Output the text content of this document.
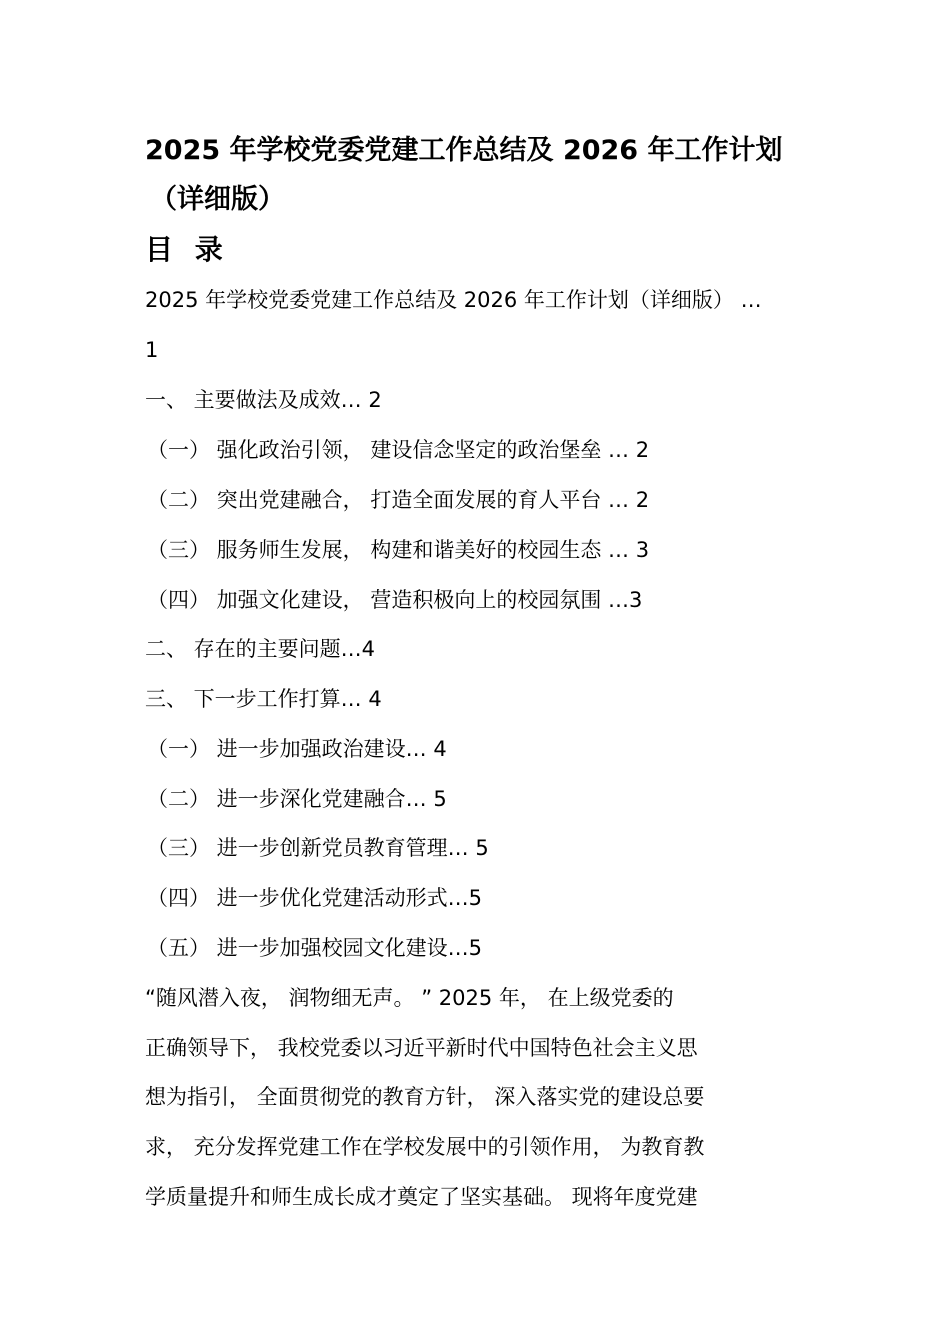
2025 年学校党委党建工作总结及 2026 年工作计划
（详细版）
目 录
2025 年学校党委党建工作总结及 2026 年工作计划（详细版） …
1
一、 主要做法及成效… 2
（一） 强化政治引领， 建设信念坚定的政治堡垒 … 2
（二） 突出党建融合， 打造全面发展的育人平台 … 2
（三） 服务师生发展， 构建和谐美好的校园生态 … 3
（四） 加强文化建设， 营造积极向上的校园氛围 …3
二、 存在的主要问题…4
三、 下一步工作打算… 4
（一） 进一步加强政治建设… 4
（二） 进一步深化党建融合… 5
（三） 进一步创新党员教育管理… 5
（四） 进一步优化党建活动形式…5
（五） 进一步加强校园文化建设…5
“随风潜入夜， 润物细无声。 ” 2025 年， 在上级党委的
正确领导下， 我校党委以习近平新时代中国特色社会主义思
想为指引， 全面贯彻党的教育方针， 深入落实党的建设总要
求， 充分发挥党建工作在学校发展中的引领作用， 为教育教
学质量提升和师生成长成才奠定了坚实基础。 现将年度党建
